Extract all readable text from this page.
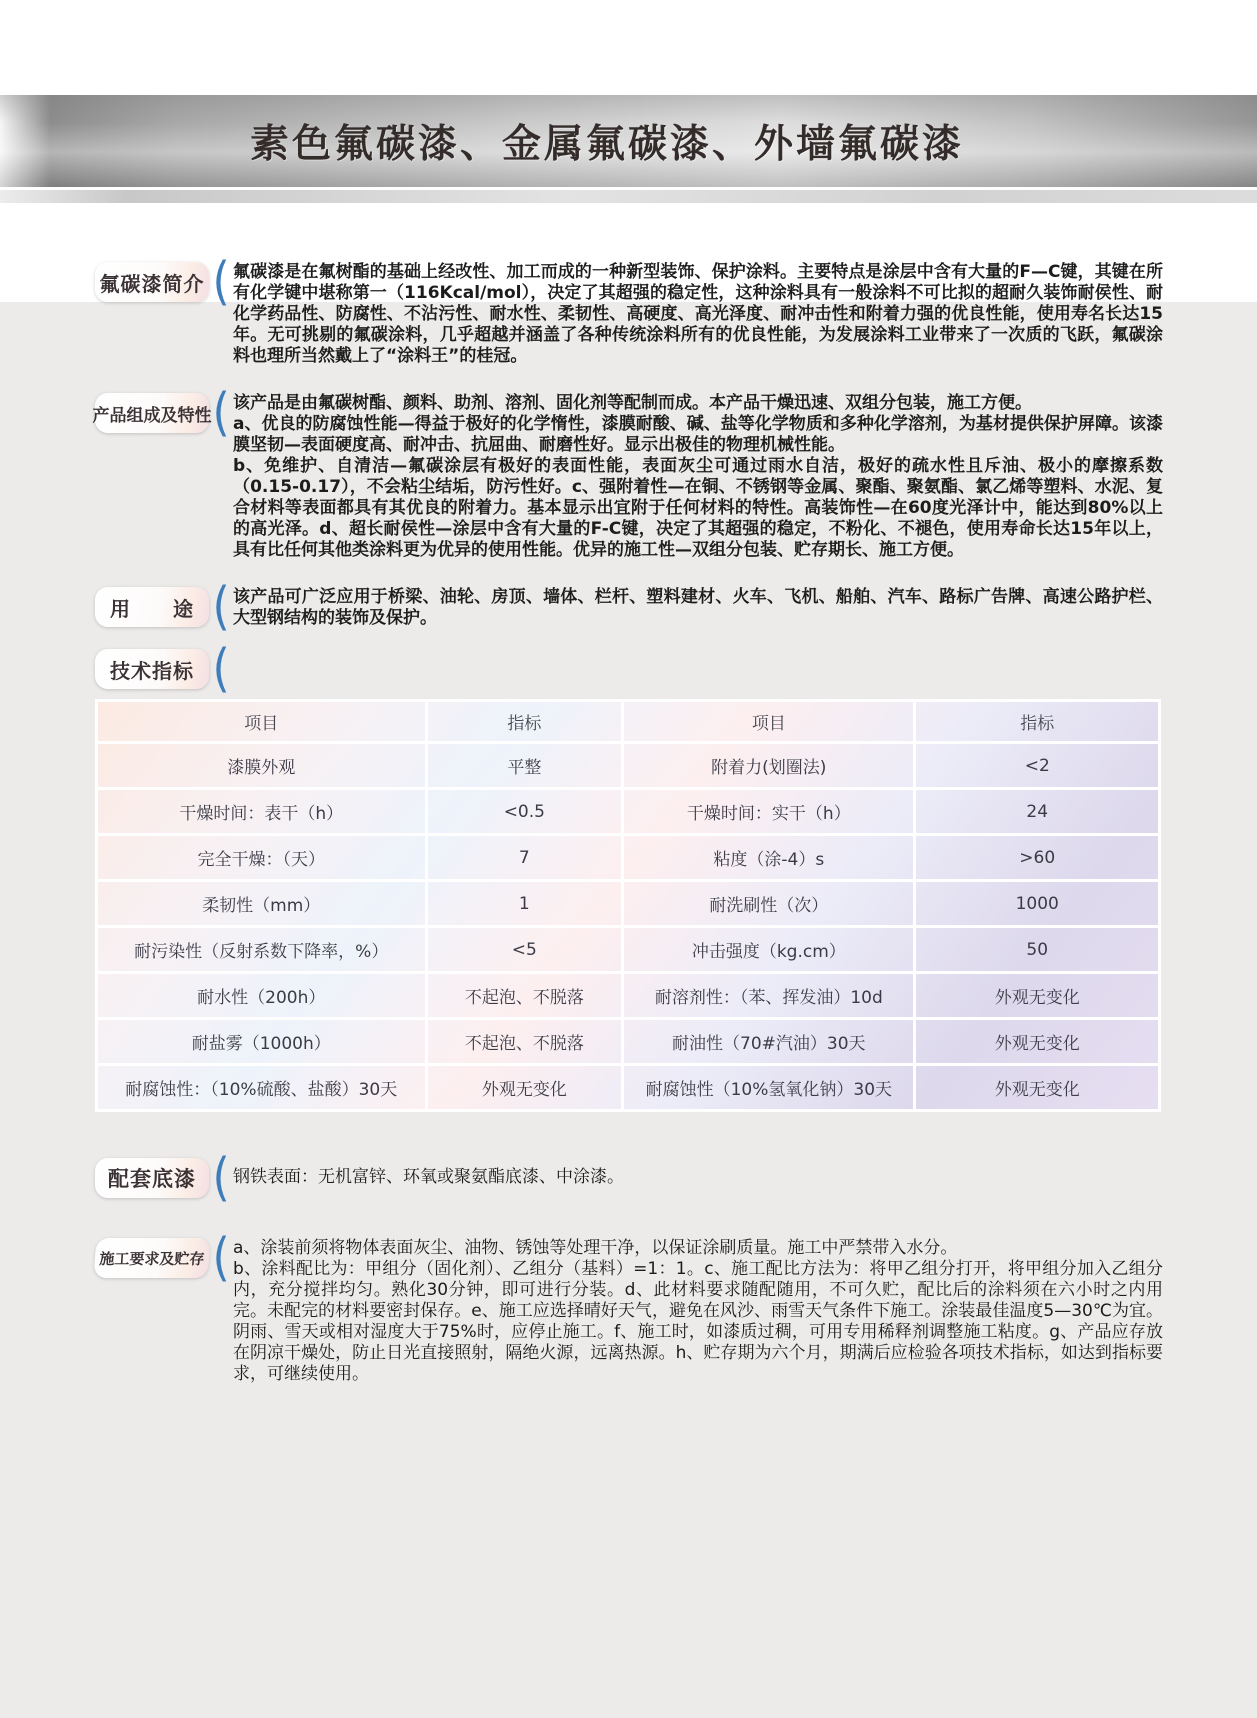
素色氟碳漆、金属氟碳漆、外墙氟碳漆
氟碳漆简介 ( 氟碳漆是在氟树酯的基础上经改性、加工而成的一种新型装饰、保护涂料。主要特点是涂层中含有大量的F—C键，其键在所有化学键中堪称第一（116Kcal/mol），决定了其超强的稳定性，这种涂料具有一般涂料不可比拟的超耐久装饰耐侯性、耐化学药品性、防腐性、不沾污性、耐水性、柔韧性、高硬度、高光泽度、耐冲击性和附着力强的优良性能，使用寿名长达15年。无可挑剔的氟碳涂料，几乎超越并涵盖了各种传统涂料所有的优良性能，为发展涂料工业带来了一次质的飞跃，氟碳涂料也理所当然戴上了“涂料王”的桂冠。

产品组成及特性 ( 该产品是由氟碳树酯、颜料、助剂、溶剂、固化剂等配制而成。本产品干燥迅速、双组分包装，施工方便。

a、优良的防腐蚀性能—得益于极好的化学惰性，漆膜耐酸、碱、盐等化学物质和多种化学溶剂，为基材提供保护屏障。该漆膜坚韧—表面硬度高、耐冲击、抗屈曲、耐磨性好。显示出极佳的物理机械性能。

b、免维护、自清洁—氟碳涂层有极好的表面性能，表面灰尘可通过雨水自洁，极好的疏水性且斥油、极小的摩擦系数（0.15-0.17），不会粘尘结垢，防污性好。c、强附着性—在铜、不锈钢等金属、聚酯、聚氨酯、氯乙烯等塑料、水泥、复合材料等表面都具有其优良的附着力。基本显示出宜附于任何材料的特性。高装饰性—在60度光泽计中，能达到80%以上的高光泽。d、超长耐侯性—涂层中含有大量的F-C键，决定了其超强的稳定，不粉化、不褪色，使用寿命长达15年以上，具有比任何其他类涂料更为优异的使用性能。优异的施工性—双组分包装、贮存期长、施工方便。

用　　途 ( 该产品可广泛应用于桥梁、油轮、房顶、墙体、栏杆、塑料建材、火车、飞机、船舶、汽车、路标广告牌、高速公路护栏、大型钢结构的装饰及保护。

技术指标 (
项目	指标	项目	指标
漆膜外观	平整	附着力(划圈法)	<2
干燥时间：表干（h）	<0.5	干燥时间：实干（h）	24
完全干燥：（天）	7	粘度（涂-4）s	>60
柔韧性（mm）	1	耐洗刷性（次）	1000
耐污染性（反射系数下降率，%）	<5	冲击强度（kg.cm）	50
耐水性（200h）	不起泡、不脱落	耐溶剂性：（苯、挥发油）10d	外观无变化
耐盐雾（1000h）	不起泡、不脱落	耐油性（70#汽油）30天	外观无变化
耐腐蚀性：（10%硫酸、盐酸）30天	外观无变化	耐腐蚀性（10%氢氧化钠）30天	外观无变化
配套底漆 ( 钢铁表面：无机富锌、环氧或聚氨酯底漆、中涂漆。

施工要求及贮存 ( a、涂装前须将物体表面灰尘、油物、锈蚀等处理干净，以保证涂刷质量。施工中严禁带入水分。

b、涂料配比为：甲组分（固化剂）、乙组分（基料）=1：1。c、施工配比方法为：将甲乙组分打开，将甲组分加入乙组分内，充分搅拌均匀。熟化30分钟，即可进行分装。d、此材料要求随配随用，不可久贮，配比后的涂料须在六小时之内用完。未配完的材料要密封保存。e、施工应选择晴好天气，避免在风沙、雨雪天气条件下施工。涂装最佳温度5—30℃为宜。阴雨、雪天或相对湿度大于75%时，应停止施工。f、施工时，如漆质过稠，可用专用稀释剂调整施工粘度。g、产品应存放在阴凉干燥处，防止日光直接照射，隔绝火源，远离热源。h、贮存期为六个月，期满后应检验各项技术指标，如达到指标要求，可继续使用。
